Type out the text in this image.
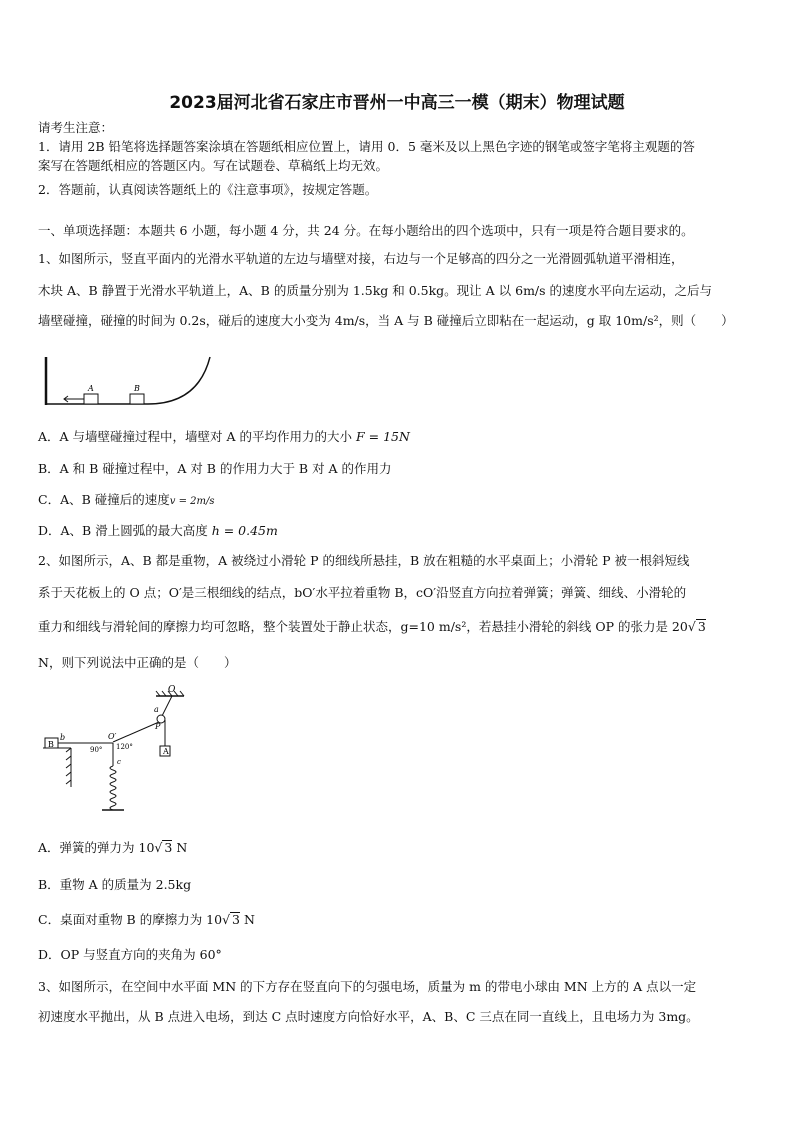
2023届河北省石家庄市晋州一中高三一模（期末）物理试题
请考生注意：
1．请用 2B 铅笔将选择题答案涂填在答题纸相应位置上，请用 0．5 毫米及以上黑色字迹的钢笔或签字笔将主观题的答
案写在答题纸相应的答题区内。写在试题卷、草稿纸上均无效。
2．答题前，认真阅读答题纸上的《注意事项》，按规定答题。
一、单项选择题：本题共 6 小题，每小题 4 分，共 24 分。在每小题给出的四个选项中，只有一项是符合题目要求的。
1、如图所示，竖直平面内的光滑水平轨道的左边与墙壁对接，右边与一个足够高的四分之一光滑圆弧轨道平滑相连，
木块 A、B 静置于光滑水平轨道上，A、B 的质量分别为 1.5kg 和 0.5kg。现让 A 以 6m/s 的速度水平向左运动，之后与
墙壁碰撞，碰撞的时间为 0.2s，碰后的速度大小变为 4m/s，当 A 与 B 碰撞后立即粘在一起运动，g 取 10m/s²，则（　　）
A	B
A．A 与墙壁碰撞过程中，墙壁对 A 的平均作用力的大小 F = 15N
B．A 和 B 碰撞过程中，A 对 B 的作用力大于 B 对 A 的作用力
C．A、B 碰撞后的速度v = 2m/s
D．A、B 滑上圆弧的最大高度 h = 0.45m
2、如图所示，A、B 都是重物，A 被绕过小滑轮 P 的细线所悬挂，B 放在粗糙的水平桌面上；小滑轮 P 被一根斜短线
系于天花板上的 O 点；O′是三根细线的结点，bO′水平拉着重物 B，cO′沿竖直方向拉着弹簧；弹簧、细线、小滑轮的
重力和细线与滑轮间的摩擦力均可忽略，整个装置处于静止状态，g=10 m/s²，若悬挂小滑轮的斜线 OP 的张力是 20√ 3
N，则下列说法中正确的是（　　）
O
a
P
b
B
A
O′
c
90° 120°
A．弹簧的弹力为 10√ 3 N
B．重物 A 的质量为 2.5kg
C．桌面对重物 B 的摩擦力为 10√ 3 N
D．OP 与竖直方向的夹角为 60°
3、如图所示，在空间中水平面 MN 的下方存在竖直向下的匀强电场，质量为 m 的带电小球由 MN 上方的 A 点以一定
初速度水平抛出，从 B 点进入电场，到达 C 点时速度方向恰好水平，A、B、C 三点在同一直线上，且电场力为 3mg。
